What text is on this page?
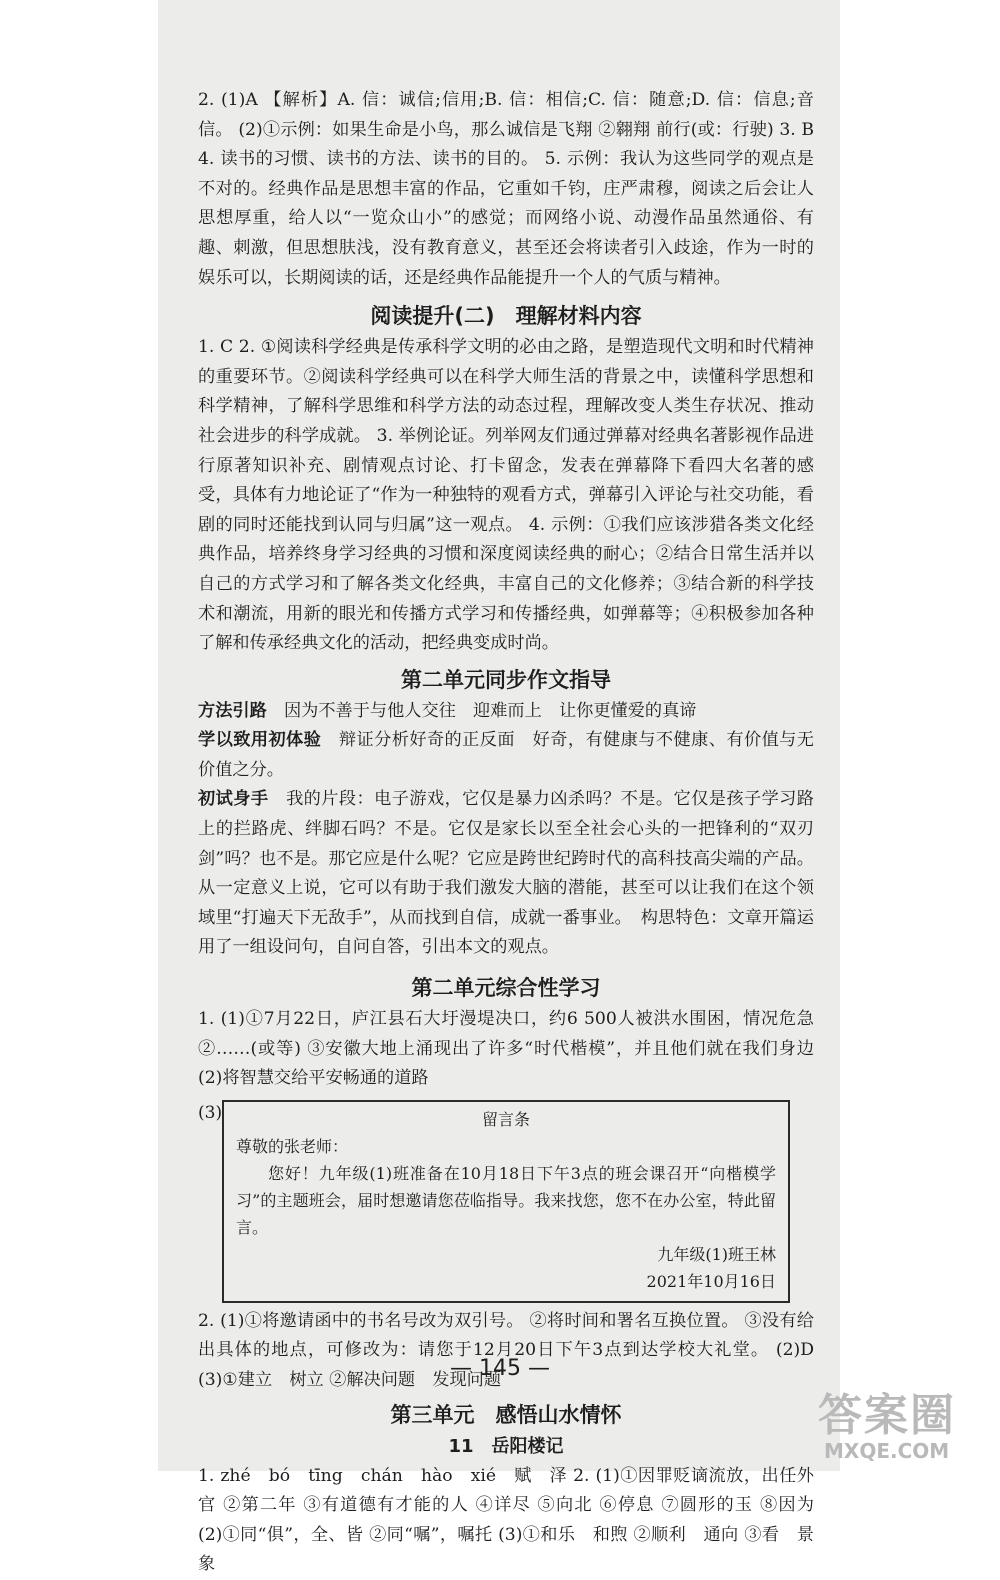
2. (1)A 【解析】A. 信：诚信;信用;B. 信：相信;C. 信：随意;D. 信：信息;音信。 (2)①示例：如果生命是小鸟，那么诚信是飞翔 ②翱翔 前行(或：行驶) 3. B 4. 读书的习惯、读书的方法、读书的目的。 5. 示例：我认为这些同学的观点是不对的。经典作品是思想丰富的作品，它重如千钧，庄严肃穆，阅读之后会让人思想厚重，给人以“一览众山小”的感觉；而网络小说、动漫作品虽然通俗、有趣、刺激，但思想肤浅，没有教育意义，甚至还会将读者引入歧途，作为一时的娱乐可以，长期阅读的话，还是经典作品能提升一个人的气质与精神。

阅读提升(二)　理解材料内容

1. C 2. ①阅读科学经典是传承科学文明的必由之路，是塑造现代文明和时代精神的重要环节。②阅读科学经典可以在科学大师生活的背景之中，读懂科学思想和科学精神，了解科学思维和科学方法的动态过程，理解改变人类生存状况、推动社会进步的科学成就。 3. 举例论证。列举网友们通过弹幕对经典名著影视作品进行原著知识补充、剧情观点讨论、打卡留念，发表在弹幕降下看四大名著的感受，具体有力地论证了“作为一种独特的观看方式，弹幕引入评论与社交功能，看剧的同时还能找到认同与归属”这一观点。 4. 示例：①我们应该涉猎各类文化经典作品，培养终身学习经典的习惯和深度阅读经典的耐心；②结合日常生活并以自己的方式学习和了解各类文化经典，丰富自己的文化修养；③结合新的科学技术和潮流，用新的眼光和传播方式学习和传播经典，如弹幕等；④积极参加各种了解和传承经典文化的活动，把经典变成时尚。

第二单元同步作文指导

方法引路　因为不善于与他人交往　迎难而上　让你更懂爱的真谛

学以致用初体验　辩证分析好奇的正反面　好奇，有健康与不健康、有价值与无价值之分。

初试身手　我的片段：电子游戏，它仅是暴力凶杀吗？不是。它仅是孩子学习路上的拦路虎、绊脚石吗？不是。它仅是家长以至全社会心头的一把锋利的“双刃剑”吗？也不是。那它应是什么呢？它应是跨世纪跨时代的高科技高尖端的产品。从一定意义上说，它可以有助于我们激发大脑的潜能，甚至可以让我们在这个领域里“打遍天下无敌手”，从而找到自信，成就一番事业。　构思特色：文章开篇运用了一组设问句，自问自答，引出本文的观点。

第二单元综合性学习

1. (1)①7月22日，庐江县石大圩漫堤决口，约6 500人被洪水围困，情况危急 ②……(或等) ③安徽大地上涌现出了许多“时代楷模”，并且他们就在我们身边 (2)将智慧交给平安畅通的道路

(3)	留言条
尊敬的张老师：
您好！九年级(1)班准备在10月18日下午3点的班会课召开“向楷模学习”的主题班会，届时想邀请您莅临指导。我来找您，您不在办公室，特此留言。
九年级(1)班王林
2021年10月16日

2. (1)①将邀请函中的书名号改为双引号。 ②将时间和署名互换位置。 ③没有给出具体的地点，可修改为：请您于12月20日下午3点到达学校大礼堂。 (2)D (3)①建立　树立 ②解决问题　发现问题

第三单元　感悟山水情怀
11　岳阳楼记

1. zhé　bó　tīng　chán　hào　xié　赋　泽 2. (1)①因罪贬谪流放，出任外官 ②第二年 ③有道德有才能的人 ④详尽 ⑤向北 ⑥停息 ⑦圆形的玉 ⑧因为 (2)①同“俱”，全、皆 ②同“嘱”，嘱托 (3)①和乐　和煦 ②顺利　通向 ③看　景象

— 145 —
答案圈
MXQE.COM
